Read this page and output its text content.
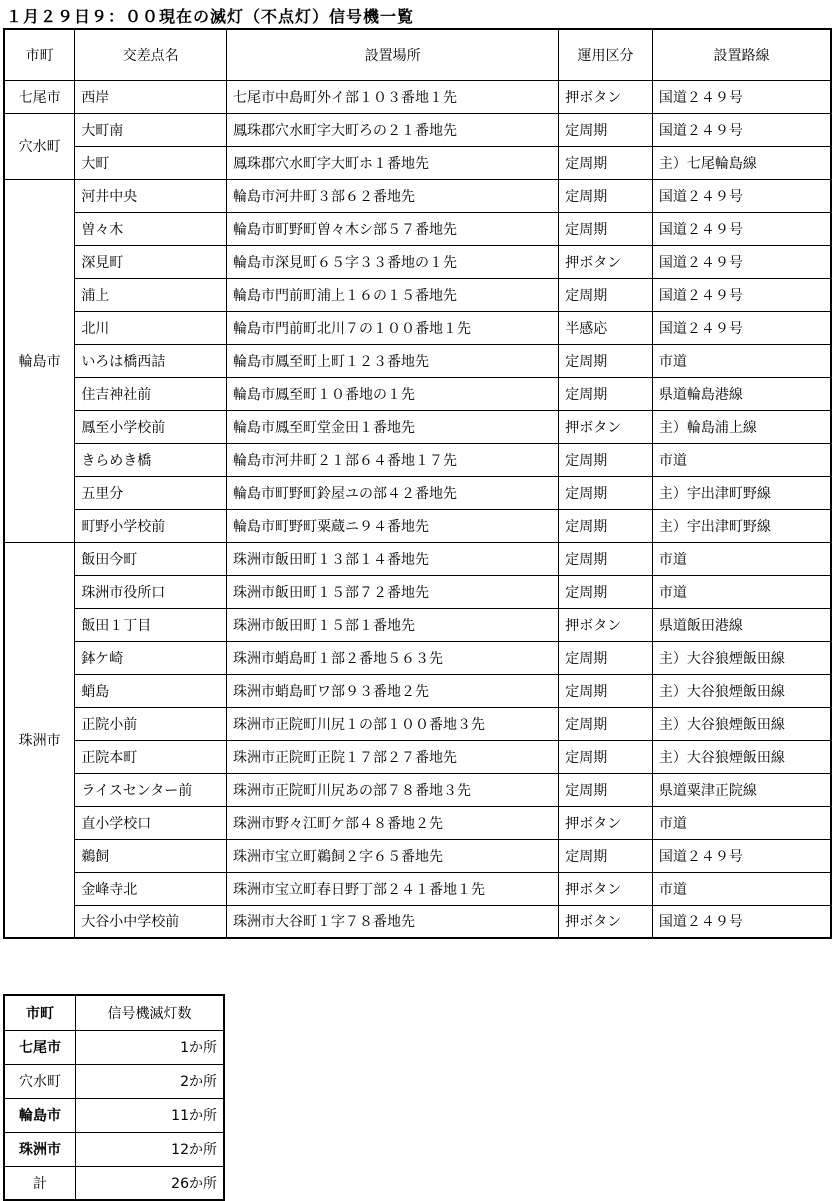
１月２９日９：００現在の滅灯（不点灯）信号機一覧
市町	交差点名	設置場所	運用区分	設置路線
七尾市	西岸	七尾市中島町外イ部１０３番地１先	押ボタン	国道２４９号
穴水町	大町南	鳳珠郡穴水町字大町ろの２１番地先	定周期	国道２４９号
	大町	鳳珠郡穴水町字大町ホ１番地先	定周期	主）七尾輪島線
輪島市	河井中央	輪島市河井町３部６２番地先	定周期	国道２４９号
	曽々木	輪島市町野町曽々木シ部５７番地先	定周期	国道２４９号
	深見町	輪島市深見町６５字３３番地の１先	押ボタン	国道２４９号
	浦上	輪島市門前町浦上１６の１５番地先	定周期	国道２４９号
	北川	輪島市門前町北川７の１００番地１先	半感応	国道２４９号
	いろは橋西詰	輪島市鳳至町上町１２３番地先	定周期	市道
	住吉神社前	輪島市鳳至町１０番地の１先	定周期	県道輪島港線
	鳳至小学校前	輪島市鳳至町堂金田１番地先	押ボタン	主）輪島浦上線
	きらめき橋	輪島市河井町２１部６４番地１７先	定周期	市道
	五里分	輪島市町野町鈴屋ユの部４２番地先	定周期	主）宇出津町野線
	町野小学校前	輪島市町野町粟蔵ニ９４番地先	定周期	主）宇出津町野線
珠洲市	飯田今町	珠洲市飯田町１３部１４番地先	定周期	市道
	珠洲市役所口	珠洲市飯田町１５部７２番地先	定周期	市道
	飯田１丁目	珠洲市飯田町１５部１番地先	押ボタン	県道飯田港線
	鉢ケ崎	珠洲市蛸島町１部２番地５６３先	定周期	主）大谷狼煙飯田線
	蛸島	珠洲市蛸島町ワ部９３番地２先	定周期	主）大谷狼煙飯田線
	正院小前	珠洲市正院町川尻１の部１００番地３先	定周期	主）大谷狼煙飯田線
	正院本町	珠洲市正院町正院１７部２７番地先	定周期	主）大谷狼煙飯田線
	ライスセンター前	珠洲市正院町川尻あの部７８番地３先	定周期	県道粟津正院線
	直小学校口	珠洲市野々江町ケ部４８番地２先	押ボタン	市道
	鵜飼	珠洲市宝立町鵜飼２字６５番地先	定周期	国道２４９号
	金峰寺北	珠洲市宝立町春日野丁部２４１番地１先	押ボタン	市道
	大谷小中学校前	珠洲市大谷町１字７８番地先	押ボタン	国道２４９号
市町	信号機滅灯数
七尾市	1か所
穴水町	2か所
輪島市	11か所
珠洲市	12か所
計	26か所
